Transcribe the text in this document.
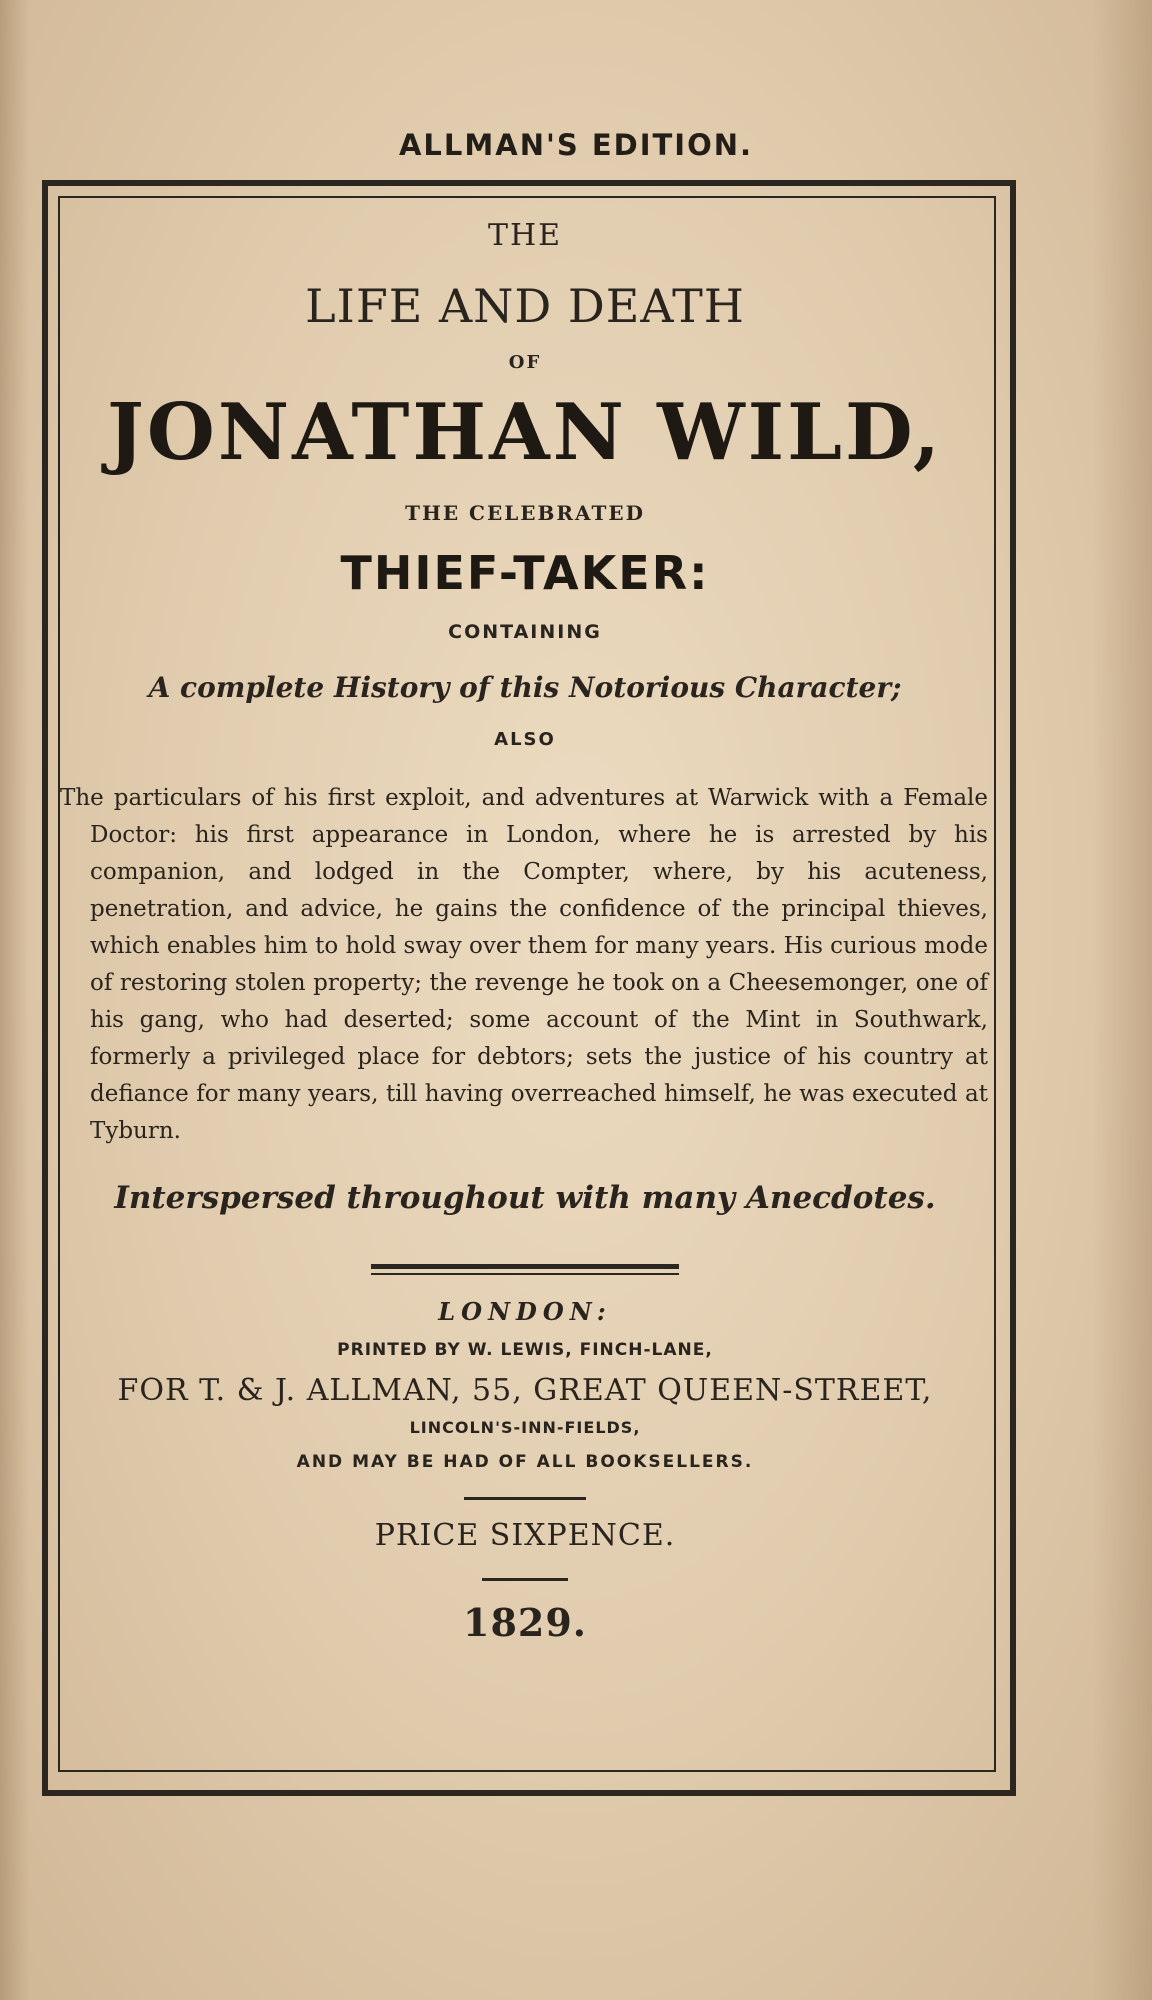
ALLMAN'S EDITION.
THE
LIFE AND DEATH
OF
JONATHAN WILD,
THE CELEBRATED
THIEF-TAKER:
CONTAINING
A complete History of this Notorious Character;
ALSO
The particulars of his first exploit, and adventures at Warwick with a Female Doctor: his first appearance in London, where he is arrested by his companion, and lodged in the Compter, where, by his acuteness, penetration, and advice, he gains the confidence of the principal thieves, which enables him to hold sway over them for many years. His curious mode of restoring stolen property; the revenge he took on a Cheesemonger, one of his gang, who had deserted; some account of the Mint in Southwark, formerly a privileged place for debtors; sets the justice of his country at defiance for many years, till having overreached himself, he was executed at Tyburn.
Interspersed throughout with many Anecdotes.
LONDON:
PRINTED BY W. LEWIS, FINCH-LANE,
FOR T. & J. ALLMAN, 55, GREAT QUEEN-STREET,
LINCOLN'S-INN-FIELDS,
AND MAY BE HAD OF ALL BOOKSELLERS.
PRICE SIXPENCE.
1829.
